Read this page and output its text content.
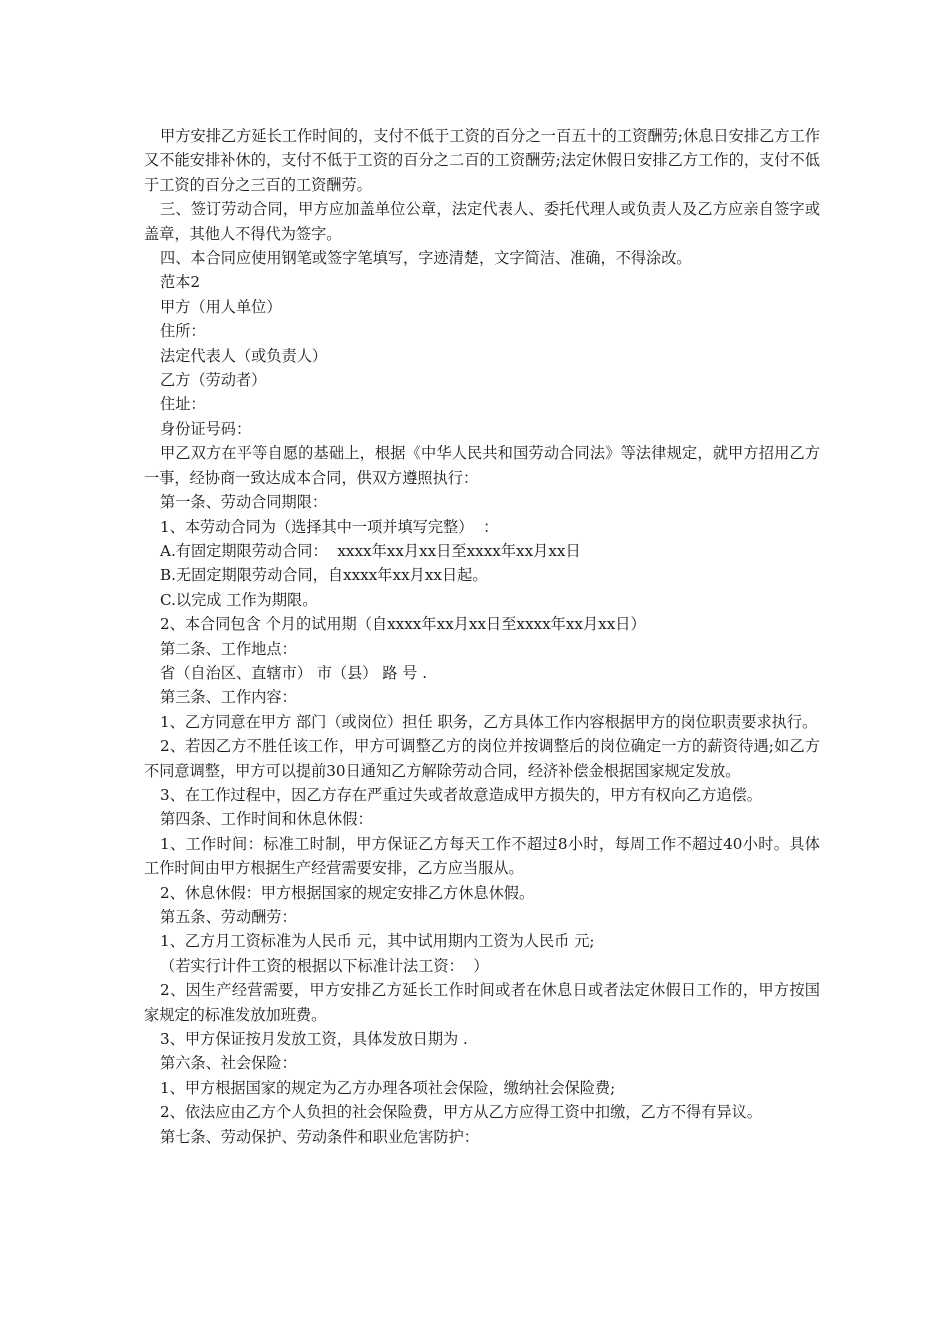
甲方安排乙方延长工作时间的，支付不低于工资的百分之一百五十的工资酬劳;休息日安排乙方工作又不能安排补休的，支付不低于工资的百分之二百的工资酬劳;法定休假日安排乙方工作的，支付不低于工资的百分之三百的工资酬劳。

三、签订劳动合同，甲方应加盖单位公章，法定代表人、委托代理人或负责人及乙方应亲自签字或盖章，其他人不得代为签字。

四、本合同应使用钢笔或签字笔填写，字迹清楚，文字简洁、准确，不得涂改。

范本2

甲方（用人单位）

住所：

法定代表人（或负责人）

乙方（劳动者）

住址：

身份证号码：

甲乙双方在平等自愿的基础上，根据《中华人民共和国劳动合同法》等法律规定，就甲方招用乙方一事，经协商一致达成本合同，供双方遵照执行：

第一条、劳动合同期限：

1、本劳动合同为（选择其中一项并填写完整）  ：

A.有固定期限劳动合同：  xxxx年xx月xx日至xxxx年xx月xx日

B.无固定期限劳动合同，自xxxx年xx月xx日起。

C.以完成 工作为期限。

2、本合同包含 个月的试用期（自xxxx年xx月xx日至xxxx年xx月xx日）

第二条、工作地点：

省（自治区、直辖市） 市（县） 路 号 .

第三条、工作内容：

1、乙方同意在甲方 部门（或岗位）担任 职务，乙方具体工作内容根据甲方的岗位职责要求执行。

2、若因乙方不胜任该工作，甲方可调整乙方的岗位并按调整后的岗位确定一方的薪资待遇;如乙方不同意调整，甲方可以提前30日通知乙方解除劳动合同，经济补偿金根据国家规定发放。

3、在工作过程中，因乙方存在严重过失或者故意造成甲方损失的，甲方有权向乙方追偿。

第四条、工作时间和休息休假：

1、工作时间：标准工时制，甲方保证乙方每天工作不超过8小时，每周工作不超过40小时。具体工作时间由甲方根据生产经营需要安排，乙方应当服从。

2、休息休假：甲方根据国家的规定安排乙方休息休假。

第五条、劳动酬劳：

1、乙方月工资标准为人民币 元，其中试用期内工资为人民币 元;

（若实行计件工资的根据以下标准计法工资：  ）

2、因生产经营需要，甲方安排乙方延长工作时间或者在休息日或者法定休假日工作的，甲方按国家规定的标准发放加班费。

3、甲方保证按月发放工资，具体发放日期为 .

第六条、社会保险：

1、甲方根据国家的规定为乙方办理各项社会保险，缴纳社会保险费;

2、依法应由乙方个人负担的社会保险费，甲方从乙方应得工资中扣缴，乙方不得有异议。

第七条、劳动保护、劳动条件和职业危害防护：
